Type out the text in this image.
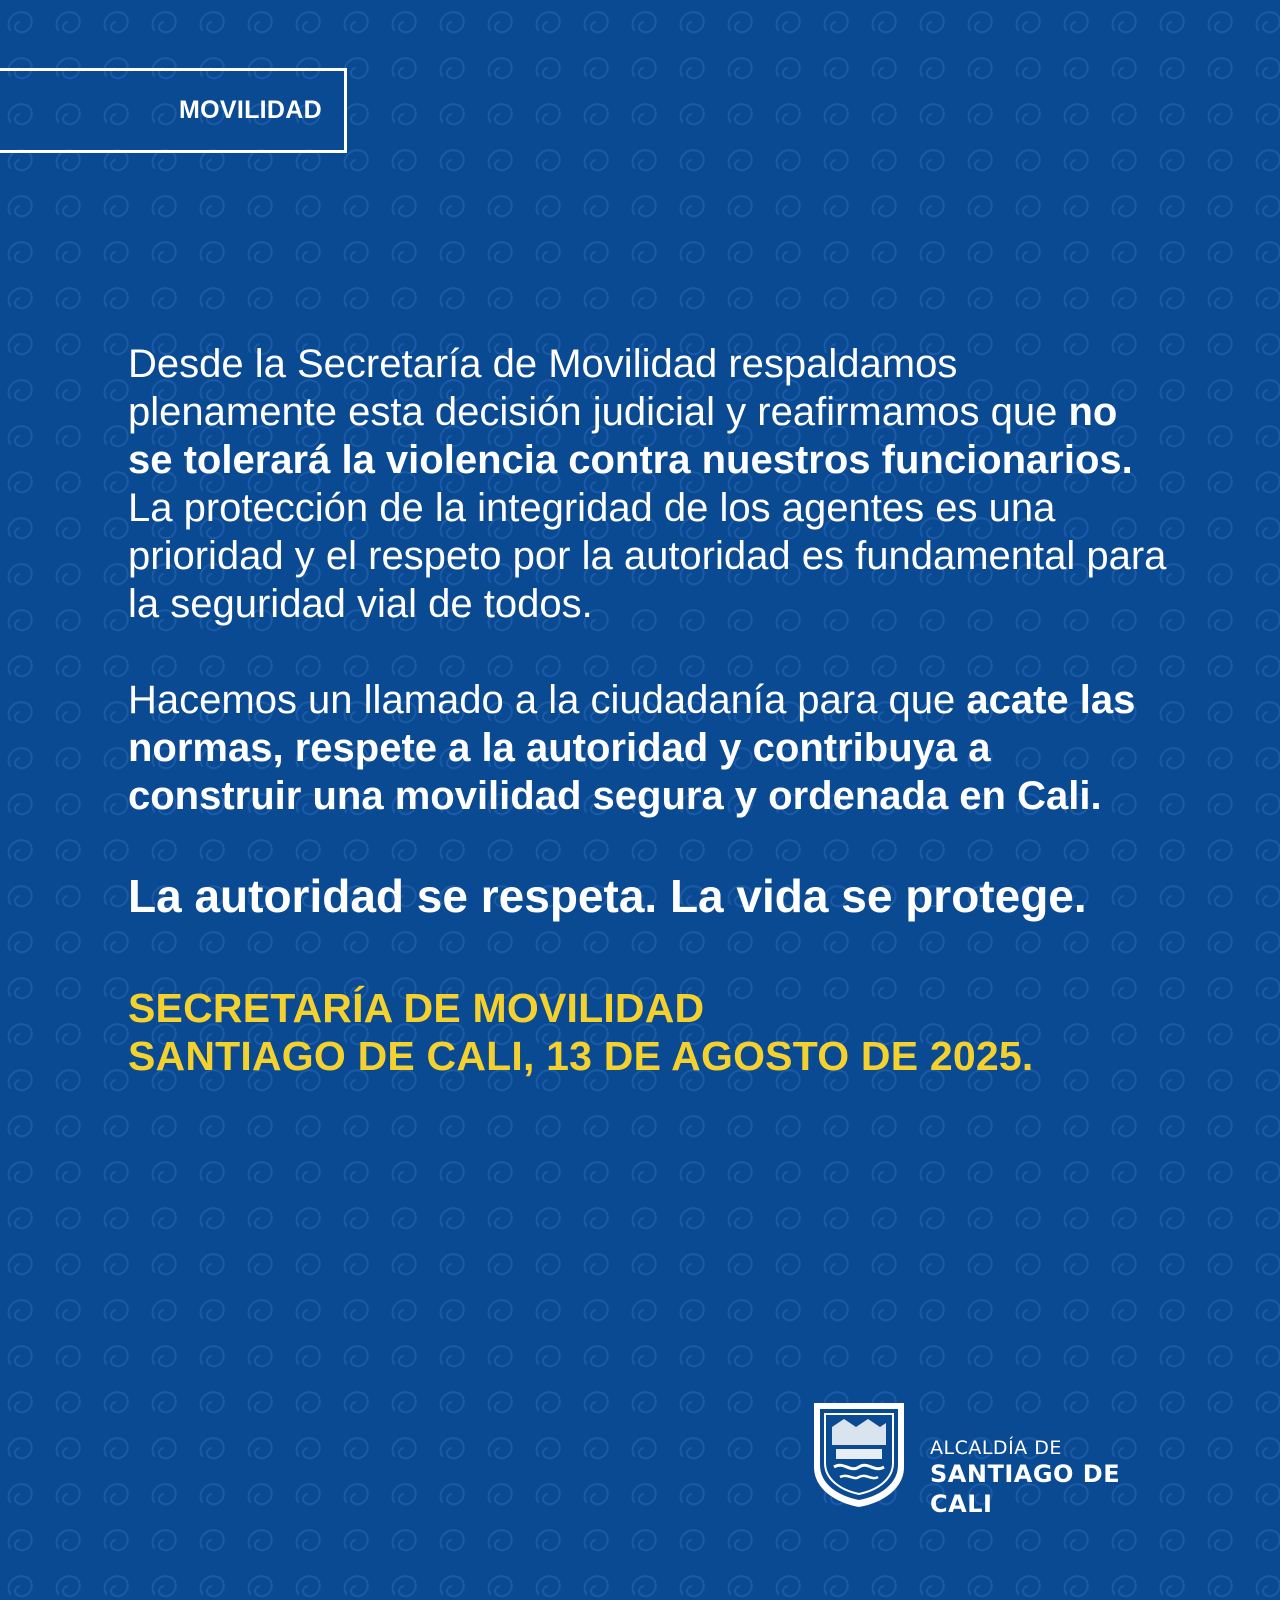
MOVILIDAD

Desde la Secretaría de Movilidad respaldamos plenamente esta decisión judicial y reafirmamos que no se tolerará la violencia contra nuestros funcionarios. La protección de la integridad de los agentes es una prioridad y el respeto por la autoridad es fundamental para la seguridad vial de todos.

Hacemos un llamado a la ciudadanía para que acate las normas, respete a la autoridad y contribuya a construir una movilidad segura y ordenada en Cali.

La autoridad se respeta. La vida se protege.

SECRETARÍA DE MOVILIDAD
SANTIAGO DE CALI, 13 DE AGOSTO DE 2025.
ALCALDÍA DE
SANTIAGO DE CALI
